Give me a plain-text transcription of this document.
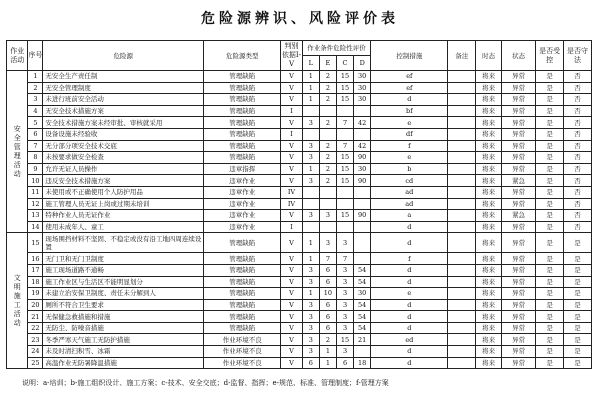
危险源辨识、风险评价表
作业活动	序号	危险源	危险源类型	判别依据Ⅰ-Ⅴ	作业条件危险性评价				控制措施	备注	时态	状态	是否受控	是否守法
					L	E	C	D						
安全管理活动	1	无安全生产责任制	管理缺陷	V	1	2	15	30	ef		将来	异常	是	否
	2	无安全管理制度	管理缺陷	V	1	2	15	30	ef		将来	异常	是	否
	3	未进行班前安全活动	管理缺陷	V	1	2	15	30	d		将来	异常	是	否
	4	无安全技术措施方案	管理缺陷	I					bf		将来	异常	是	否
	5	安全技术措施方案未经审批、审核就采用	管理缺陷	V	3	2	7	42	e		将来	异常	是	否
	6	设备设施未经验收	管理缺陷	I					df		将来	异常	是	否
	7	无分部分项安全技术交底	管理缺陷	V	3	2	7	42	f		将来	异常	是	否
	8	未按要求做安全检查	管理缺陷	V	3	2	15	90	e		将来	异常	是	否
	9	允许无证人员操作	违章指挥	V	1	2	15	30	b		将来	异常	是	否
	10	违反安全技术措施方案	违章作业	V	3	2	15	90	cd		将来	紧急	是	否
	11	未使用或不正确使用个人防护用品	违章作业	IV					ad		将来	异常	是	否
	12	施工管理人员无证上岗或过期未培训	违章作业	IV					ad		将来	异常	是	否
	13	特种作业人员无证作业	违章作业	V	3	3	15	90	a		将来	紧急	是	否
	14	使用未成年人、童工	违章作业	I					d		将来	异常	是	否
文明施工活动	15	现场围挡材料不坚固、不稳定或没有沿工地四周连续设置	管理缺陷	V	1	3	3		d		将来	异常	是	是
	16	无门卫和无门卫制度	管理缺陷	V	1	7	7		f		将来	异常	是	是
	17	施工现场道路不通畅	管理缺陷	V	3	6	3	54	d		将来	异常	是	是
	18	施工作业区与生活区不能明显划分	管理缺陷	V	3	6	3	54	d		将来	异常	是	是
	19	未建立治安保卫制度、责任未分解到人	管理缺陷	V	1	10	3	30	e		将来	异常	是	是
	20	厕所不符合卫生要求	管理缺陷	V	3	6	3	54	d		将来	异常	是	是
	21	无保健急救措施和措施	管理缺陷	V	3	6	3	54	d		将来	异常	是	是
	22	无防尘、防噪音措施	管理缺陷	V	3	6	3	54	d		将来	异常	是	是
	23	冬季严寒天气施工无防护措施	作业环境不良	V	3	2	15	21	ed		将来	异常	是	是
	24	未及时清扫积雪、冰霜	作业环境不良	V	3	1	3		d		将来	异常	是	是
	25	高温作业无防暑降温措施	作业环境不良	V	6	1	6	18	d		将来	异常	是	是
说明：a-培训；b-施工组织设计、施工方案；c-技术、安全交底；d-监督、指挥；e-规范、标准、管理制度；f-管理方案
